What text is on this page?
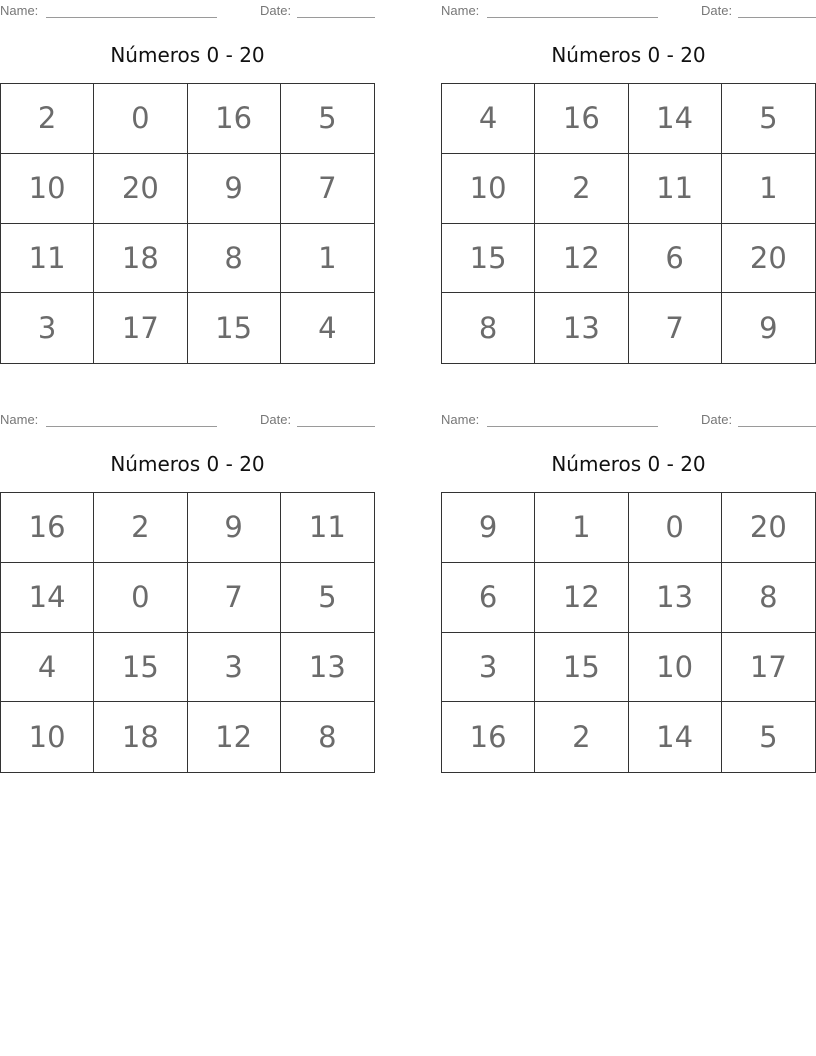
Name:	Date:
Números 0 - 20
2	0	16	5
10	20	9	7
11	18	8	1
3	17	15	4
Name:	Date:
Números 0 - 20
4	16	14	5
10	2	11	1
15	12	6	20
8	13	7	9
Name:	Date:
Números 0 - 20
16	2	9	11
14	0	7	5
4	15	3	13
10	18	12	8
Name:	Date:
Números 0 - 20
9	1	0	20
6	12	13	8
3	15	10	17
16	2	14	5
